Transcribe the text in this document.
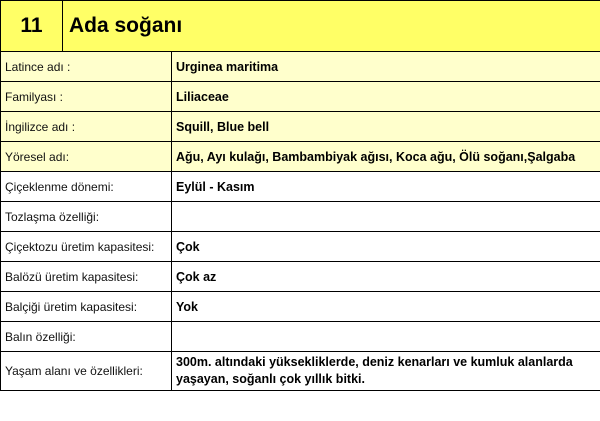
11	Ada soğanı	
Latince adı :		Urginea maritima
Familyası :		Liliaceae
İngilizce adı :		Squill, Blue bell
Yöresel adı:		Ağu, Ayı kulağı, Bambambiyak ağısı, Koca ağu, Ölü soğanı,Şalgaba
Çiçeklenme dönemi:		Eylül - Kasım
Tozlaşma özelliği:		
Çiçektozu üretim kapasitesi:		Çok
Balözü üretim kapasitesi:		Çok az
Balçiği üretim kapasitesi:		Yok
Balın özelliği:		
Yaşam alanı ve özellikleri:		300m. altındaki yüksekliklerde, deniz kenarları ve kumluk alanlarda yaşayan, soğanlı çok yıllık bitki.
